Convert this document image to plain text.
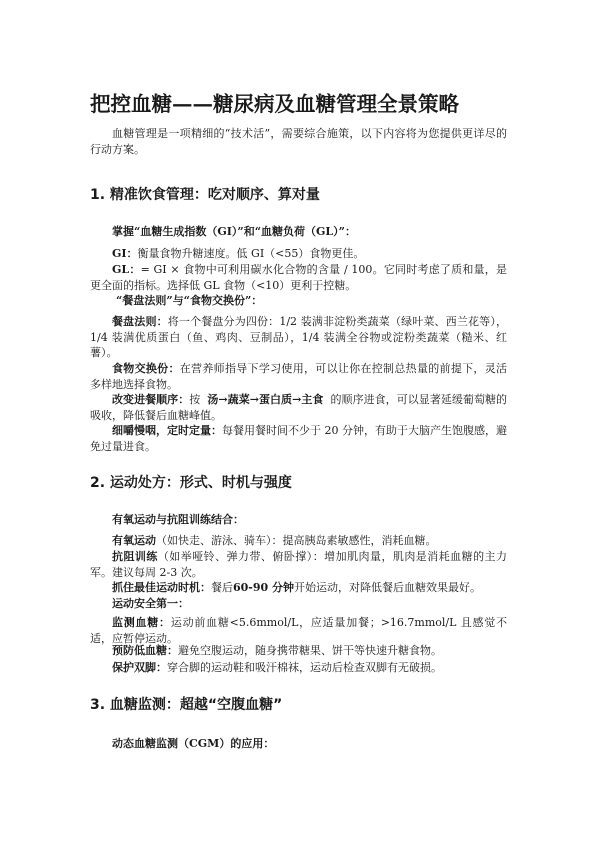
把控血糖——糖尿病及血糖管理全景策略
血糖管理是一项精细的“技术活”，需要综合施策，以下内容将为您提供更详尽的行动方案。
1. 精准饮食管理：吃对顺序、算对量
掌握“血糖生成指数（GI）”和“血糖负荷（GL）”：
GI：衡量食物升糖速度。低 GI（<55）食物更佳。
GL：= GI × 食物中可利用碳水化合物的含量 / 100。它同时考虑了质和量，是更全面的指标。选择低 GL 食物（<10）更利于控糖。
“餐盘法则”与“食物交换份”：
餐盘法则：将一个餐盘分为四份：1/2 装满非淀粉类蔬菜（绿叶菜、西兰花等），1/4 装满优质蛋白（鱼、鸡肉、豆制品），1/4 装满全谷物或淀粉类蔬菜（糙米、红薯）。
食物交换份：在营养师指导下学习使用，可以让你在控制总热量的前提下，灵活多样地选择食物。
改变进餐顺序：按 汤→蔬菜→蛋白质→主食 的顺序进食，可以显著延缓葡萄糖的吸收，降低餐后血糖峰值。
细嚼慢咽，定时定量：每餐用餐时间不少于 20 分钟，有助于大脑产生饱腹感，避免过量进食。
2. 运动处方：形式、时机与强度
有氧运动与抗阻训练结合：
有氧运动（如快走、游泳、骑车）：提高胰岛素敏感性，消耗血糖。
抗阻训练（如举哑铃、弹力带、俯卧撑）：增加肌肉量，肌肉是消耗血糖的主力军。建议每周 2-3 次。
抓住最佳运动时机：餐后60-90 分钟开始运动，对降低餐后血糖效果最好。
运动安全第一：
监测血糖：运动前血糖<5.6mmol/L，应适量加餐；>16.7mmol/L 且感觉不适，应暂停运动。
预防低血糖：避免空腹运动，随身携带糖果、饼干等快速升糖食物。
保护双脚：穿合脚的运动鞋和吸汗棉袜，运动后检查双脚有无破损。
3. 血糖监测：超越“空腹血糖”
动态血糖监测（CGM）的应用：
